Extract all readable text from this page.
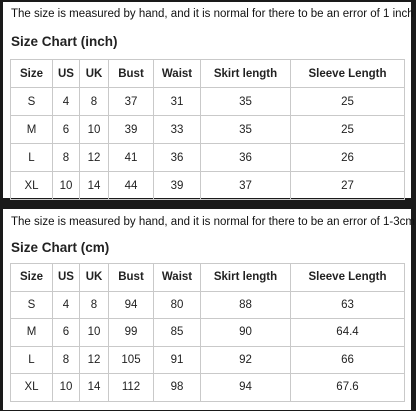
The size is measured by hand, and it is normal for there to be an error of 1 inch
Size Chart (inch)
Size	US	UK	Bust	Waist	Skirt length	Sleeve Length
S	4	8	37	31	35	25
M	6	10	39	33	35	25
L	8	12	41	36	36	26
XL	10	14	44	39	37	27
The size is measured by hand, and it is normal for there to be an error of 1-3cm
Size Chart (cm)
Size	US	UK	Bust	Waist	Skirt length	Sleeve Length
S	4	8	94	80	88	63
M	6	10	99	85	90	64.4
L	8	12	105	91	92	66
XL	10	14	112	98	94	67.6
